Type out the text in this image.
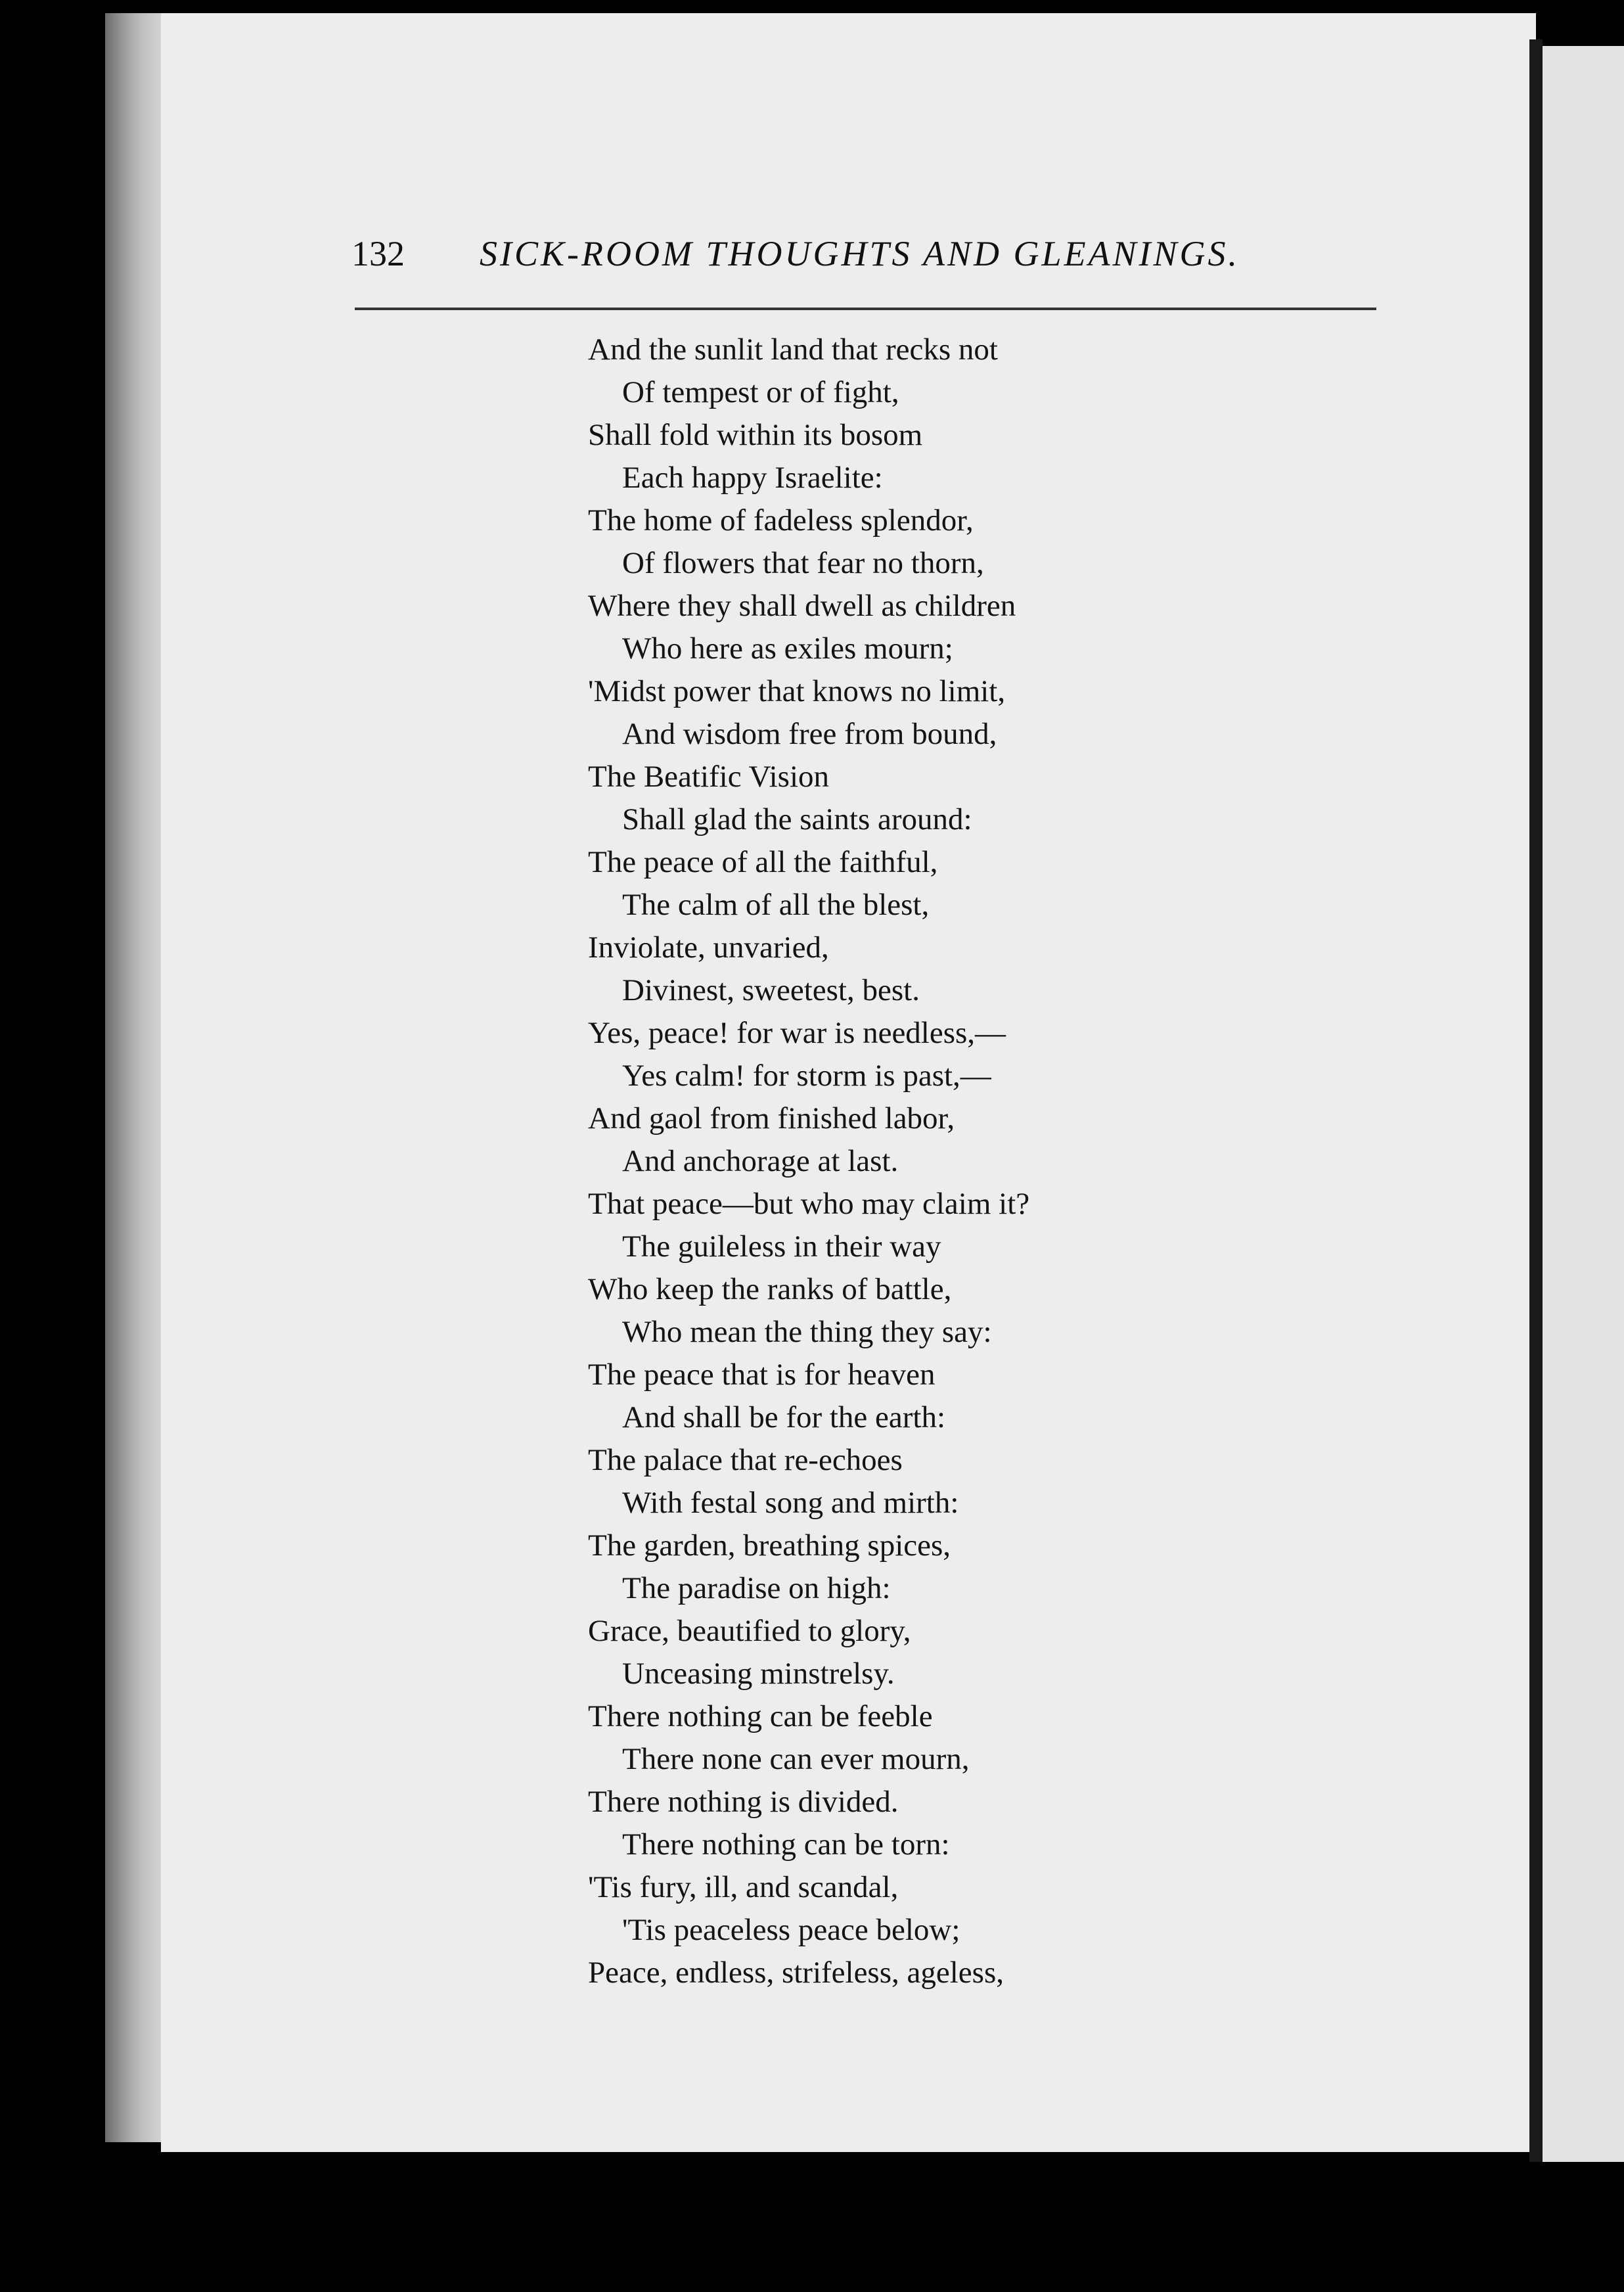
132 SICK-ROOM THOUGHTS AND GLEANINGS.
And the sunlit land that recks not
Of tempest or of fight,
Shall fold within its bosom
Each happy Israelite:
The home of fadeless splendor,
Of flowers that fear no thorn,
Where they shall dwell as children
Who here as exiles mourn;
'Midst power that knows no limit,
And wisdom free from bound,
The Beatific Vision
Shall glad the saints around:
The peace of all the faithful,
The calm of all the blest,
Inviolate, unvaried,
Divinest, sweetest, best.
Yes, peace! for war is needless,—
Yes calm! for storm is past,—
And gaol from finished labor,
And anchorage at last.
That peace—but who may claim it?
The guileless in their way
Who keep the ranks of battle,
Who mean the thing they say:
The peace that is for heaven
And shall be for the earth:
The palace that re-echoes
With festal song and mirth:
The garden, breathing spices,
The paradise on high:
Grace, beautified to glory,
Unceasing minstrelsy.
There nothing can be feeble
There none can ever mourn,
There nothing is divided.
There nothing can be torn:
'Tis fury, ill, and scandal,
'Tis peaceless peace below;
Peace, endless, strifeless, ageless,
